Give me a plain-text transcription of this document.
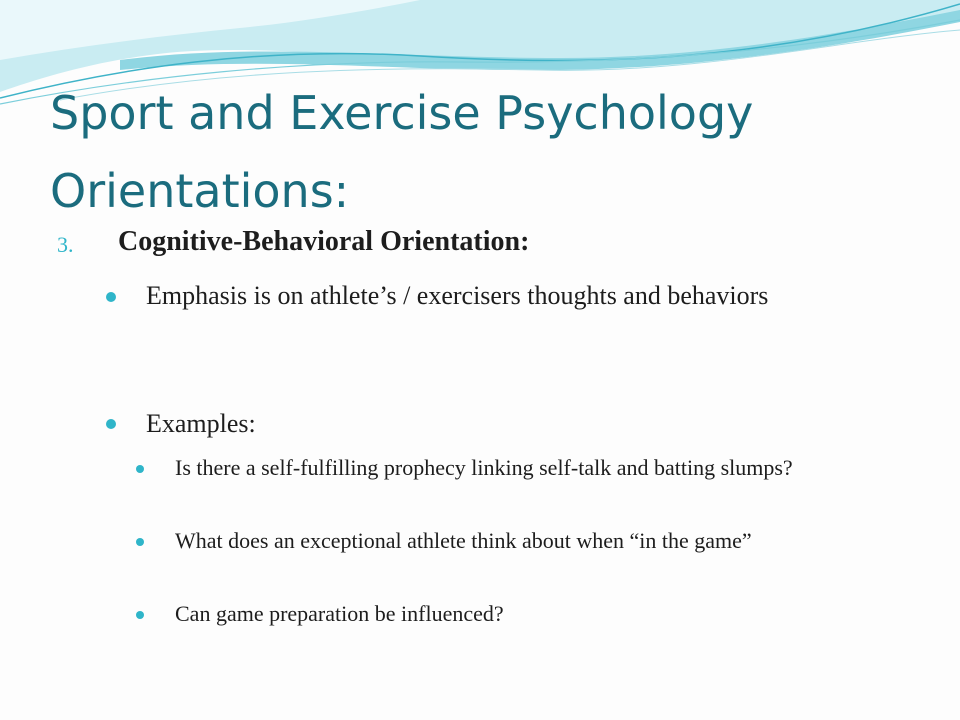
Sport and Exercise Psychology
Orientations:
3. Cognitive-Behavioral Orientation:
Emphasis is on athlete’s / exercisers thoughts and behaviors
Examples:
Is there a self-fulfilling prophecy linking self-talk and batting slumps?
What does an exceptional athlete think about when “in the game”
Can game preparation be influenced?
